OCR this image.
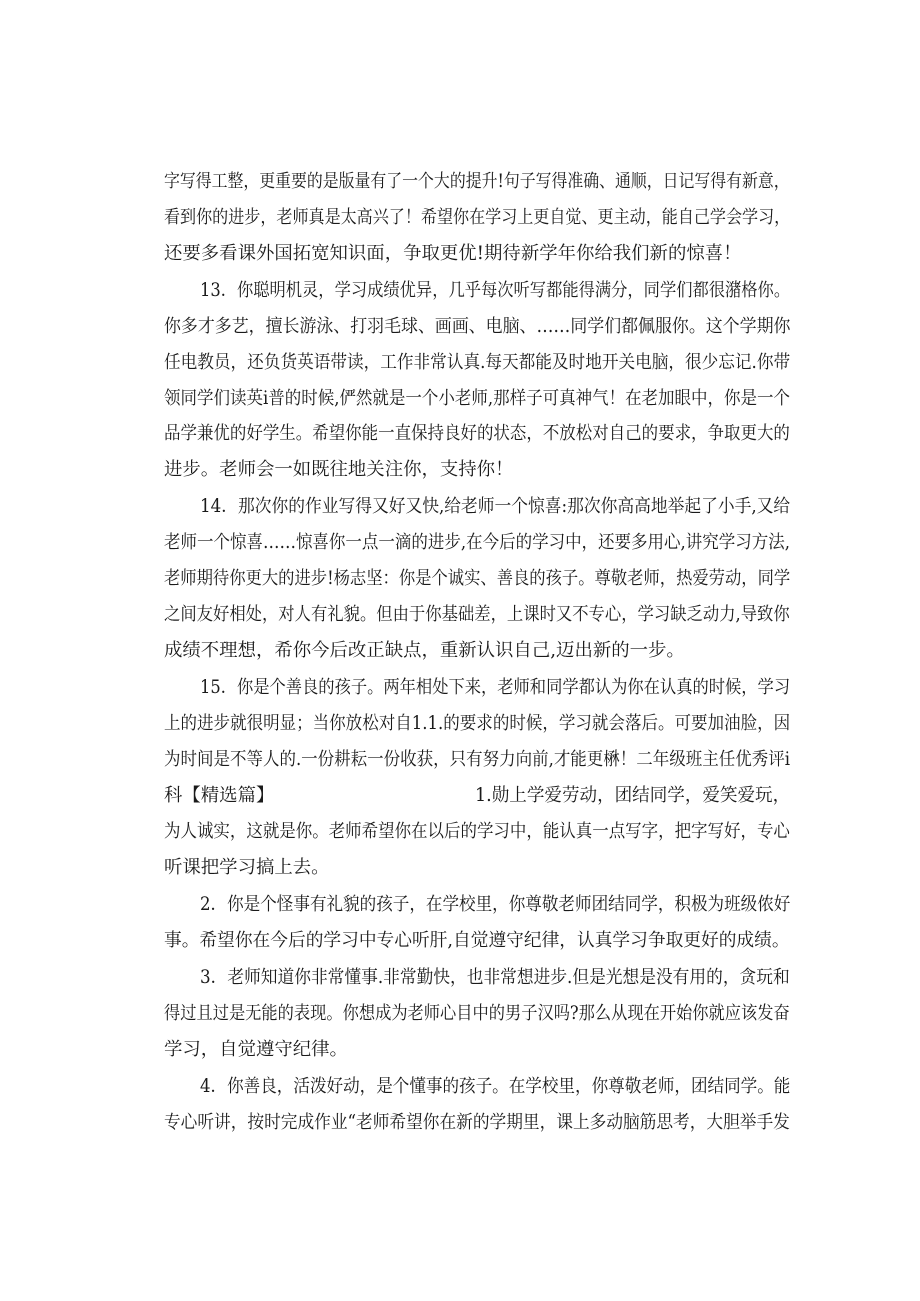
字写得工整，更重要的是版量有了一个大的提升!句子写得准确、通顺，日记写得有新意，
看到你的进步，老师真是太高兴了！希望你在学习上更自觉、更主动，能自己学会学习，
还要多看课外国拓宽知识面，争取更优!期待新学年你给我们新的惊喜！
13．你聪明机灵，学习成绩优异，几乎每次听写都能得满分，同学们都很潴格你。
你多才多艺，擅长游泳、打羽毛球、画画、电脑、……同学们都佩服你。这个学期你
任电教员，还负货英语带读，工作非常认真.每天都能及时地开关电脑，很少忘记.你带
领同学们读英i普的时候,俨然就是一个小老师,那样子可真神气！在老加眼中，你是一个
品学兼优的好学生。希望你能一直保持良好的状态，不放松对自己的要求，争取更大的
进步。老师会一如既往地关注你，支持你！
14．那次你的作业写得又好又快,给老师一个惊喜:那次你高高地举起了小手,又给
老师一个惊喜……惊喜你一点一滴的进步,在今后的学习中，还要多用心,讲究学习方法,
老师期待你更大的进步!杨志坚：你是个诚实、善良的孩子。尊敬老师，热爱劳动，同学
之间友好相处，对人有礼貌。但由于你基础差，上课时又不专心，学习缺乏动力,导致你
成绩不理想，希你今后改正缺点，重新认识自己,迈出新的一步。
15．你是个善良的孩子。两年相处下来，老师和同学都认为你在认真的时候，学习
上的进步就很明显；当你放松对自1.1.的要求的时候，学习就会落后。可要加油脸，因
为时间是不等人的.一份耕耘一份收获，只有努力向前,才能更楙！二年级班主任优秀评i
科【精选篇】	1.勋上学爱劳动，团结同学，爱笑爱玩，
为人诚实，这就是你。老师希望你在以后的学习中，能认真一点写字，把字写好，专心
听课把学习搞上去。
2．你是个怪事有礼貌的孩子，在学校里，你尊敬老师团结同学，积极为班级侬好
事。希望你在今后的学习中专心听肝,自觉遵守纪律，认真学习争取更好的成绩。
3．老师知道你非常懂事.非常勤快，也非常想进步.但是光想是没有用的，贪玩和
得过且过是无能的表现。你想成为老师心目中的男子汉吗?那么从现在开始你就应该发奋
学习，自觉遵守纪律。
4．你善良，活泼好动，是个懂事的孩子。在学校里，你尊敬老师，团结同学。能
专心听讲，按时完成作业“老师希望你在新的学期里，课上多动脑筋思考，大胆举手发
